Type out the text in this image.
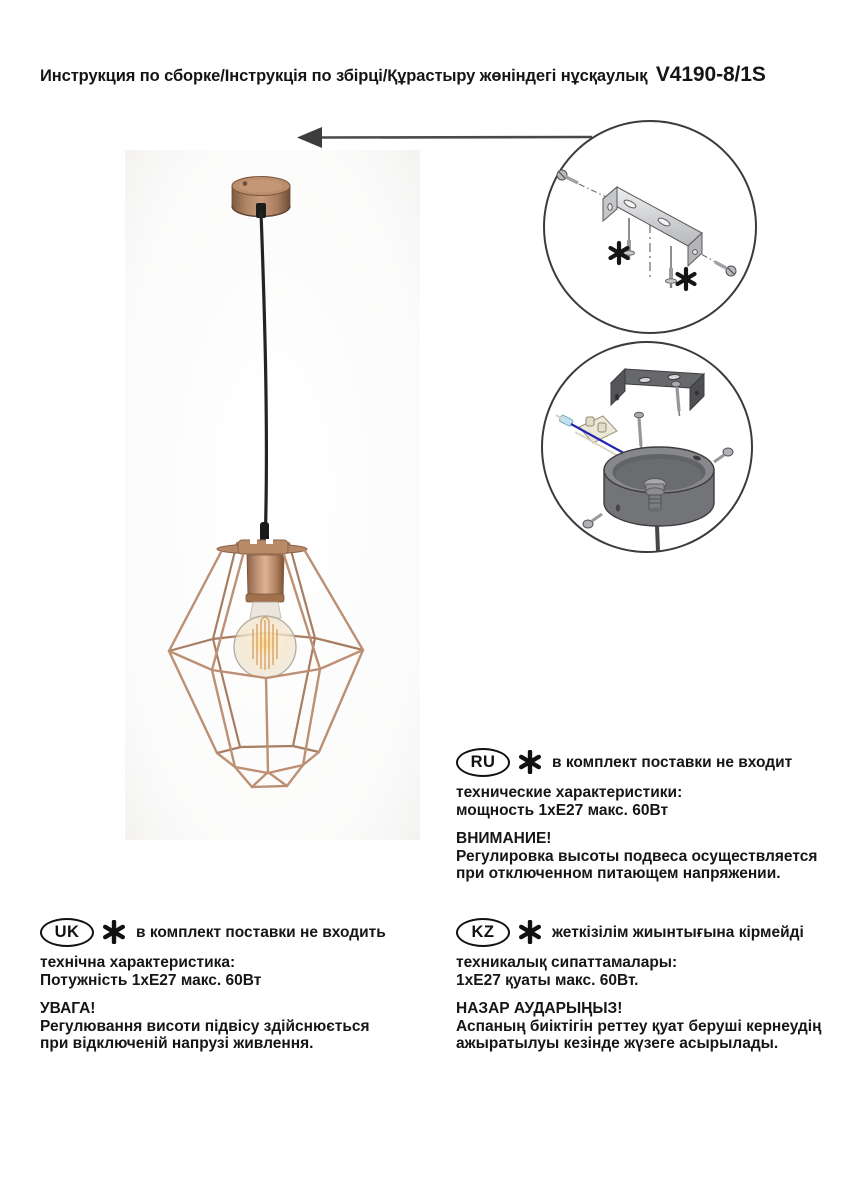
Инструкция по сборке/Інструкція по збірці/Құрастыру жөніндегі нұсқаулық V4190-8/1S
RU	в комплект поставки не входит

технические характеристики:

мощность 1хЕ27 макс. 60Вт

ВНИМАНИЕ!

Регулировка высоты подвеса осуществляется

при отключенном питающем напряжении.

UK	в комплект поставки не входить

технічна характеристика:

Потужність 1хЕ27 макс. 60Вт

УВАГА!

Регулювання висоти підвісу здійснюється

при відключеній напрузі живлення.

KZ	жеткізілім жиынтығына кірмейді

техникалық сипаттамалары:

1хЕ27 қуаты макс. 60Вт.

НАЗАР АУДАРЫҢЫЗ!

Аспаның биіктігін реттеу қуат беруші кернеудің

ажыратылуы кезінде жүзеге асырылады.
